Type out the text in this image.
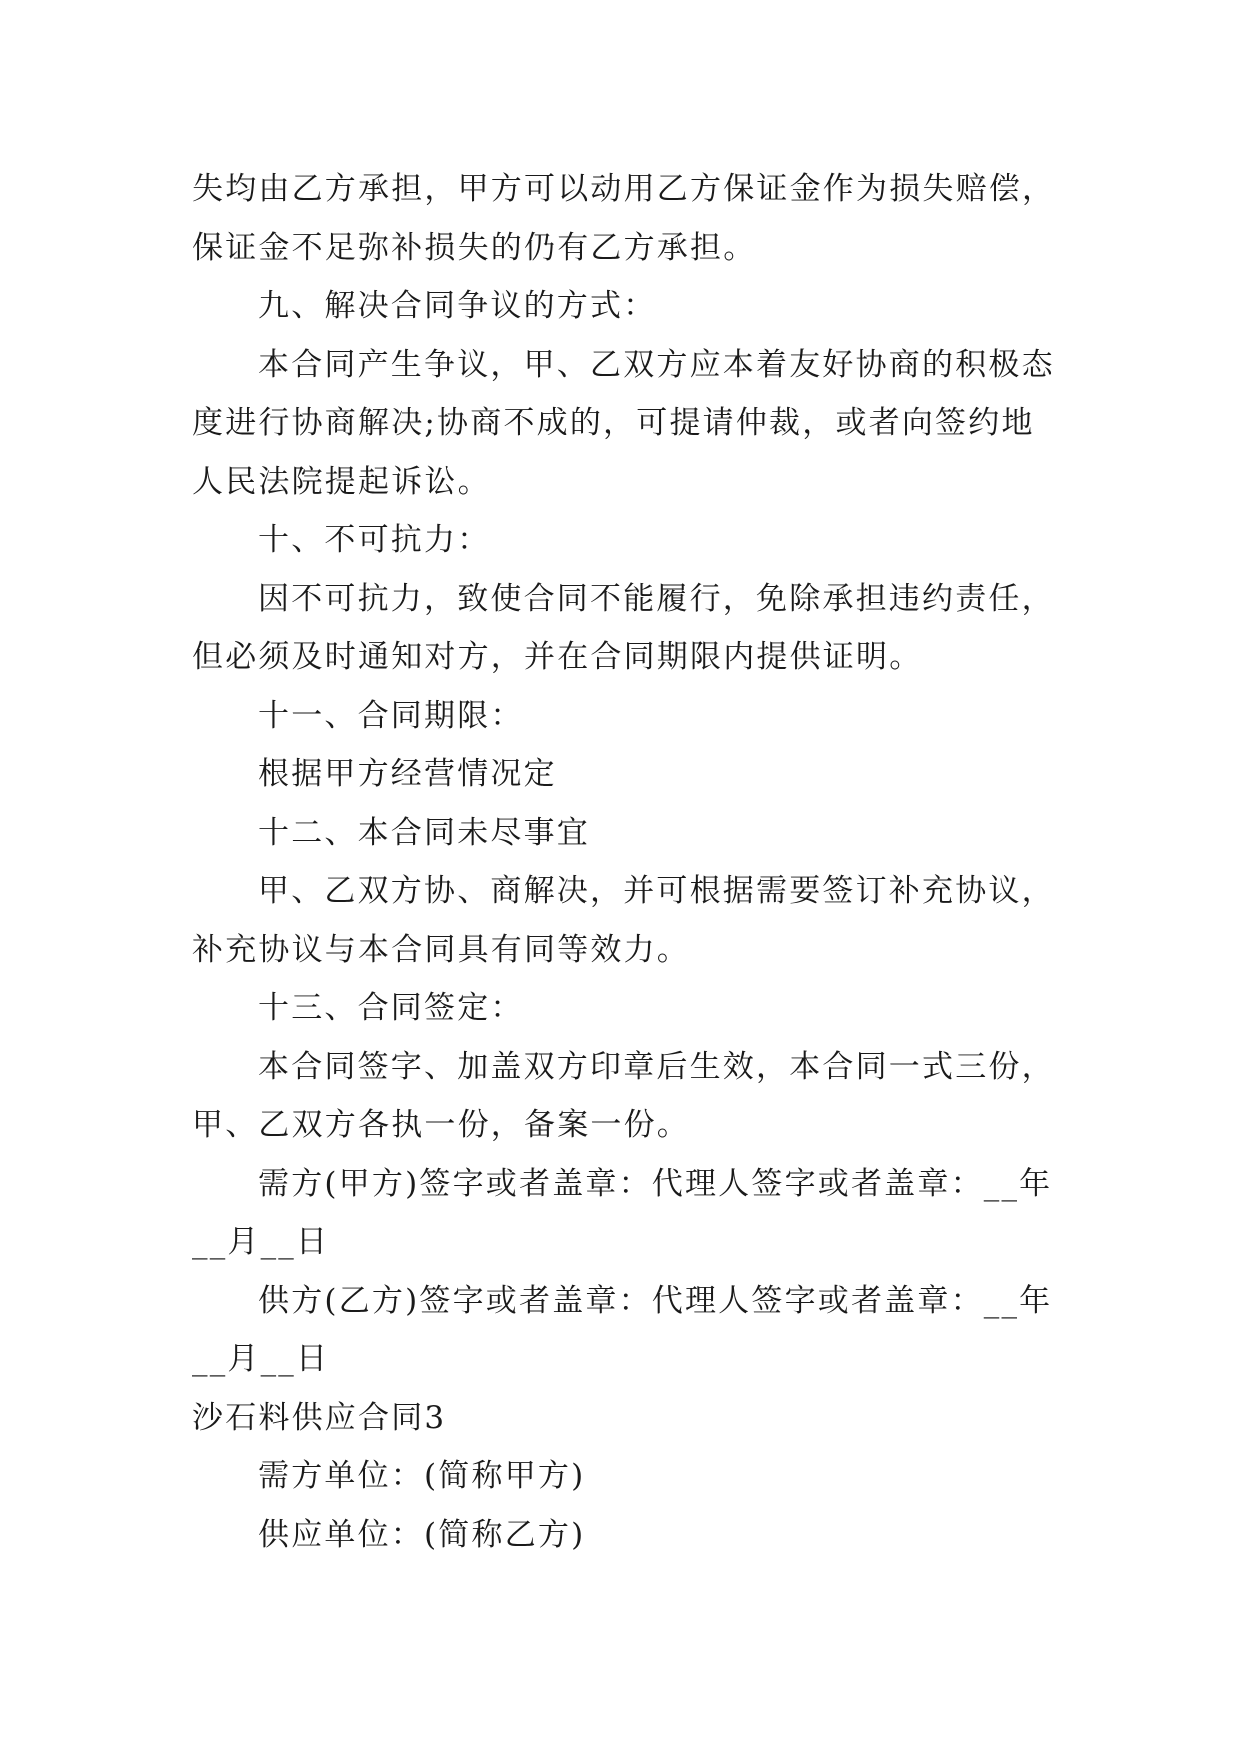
失均由乙方承担，甲方可以动用乙方保证金作为损失赔偿，保证金不足弥补损失的仍有乙方承担。

九、解决合同争议的方式：

本合同产生争议，甲、乙双方应本着友好协商的积极态度进行协商解决;协商不成的，可提请仲裁，或者向签约地人民法院提起诉讼。

十、不可抗力：

因不可抗力，致使合同不能履行，免除承担违约责任，但必须及时通知对方，并在合同期限内提供证明。

十一、合同期限：

根据甲方经营情况定

十二、本合同未尽事宜

甲、乙双方协、商解决，并可根据需要签订补充协议，补充协议与本合同具有同等效力。

十三、合同签定：

本合同签字、加盖双方印章后生效，本合同一式三份，甲、乙双方各执一份，备案一份。

需方(甲方)签字或者盖章：代理人签字或者盖章：__年__月__日

供方(乙方)签字或者盖章：代理人签字或者盖章：__年__月__日

沙石料供应合同3

需方单位：(简称甲方)

供应单位：(简称乙方)
